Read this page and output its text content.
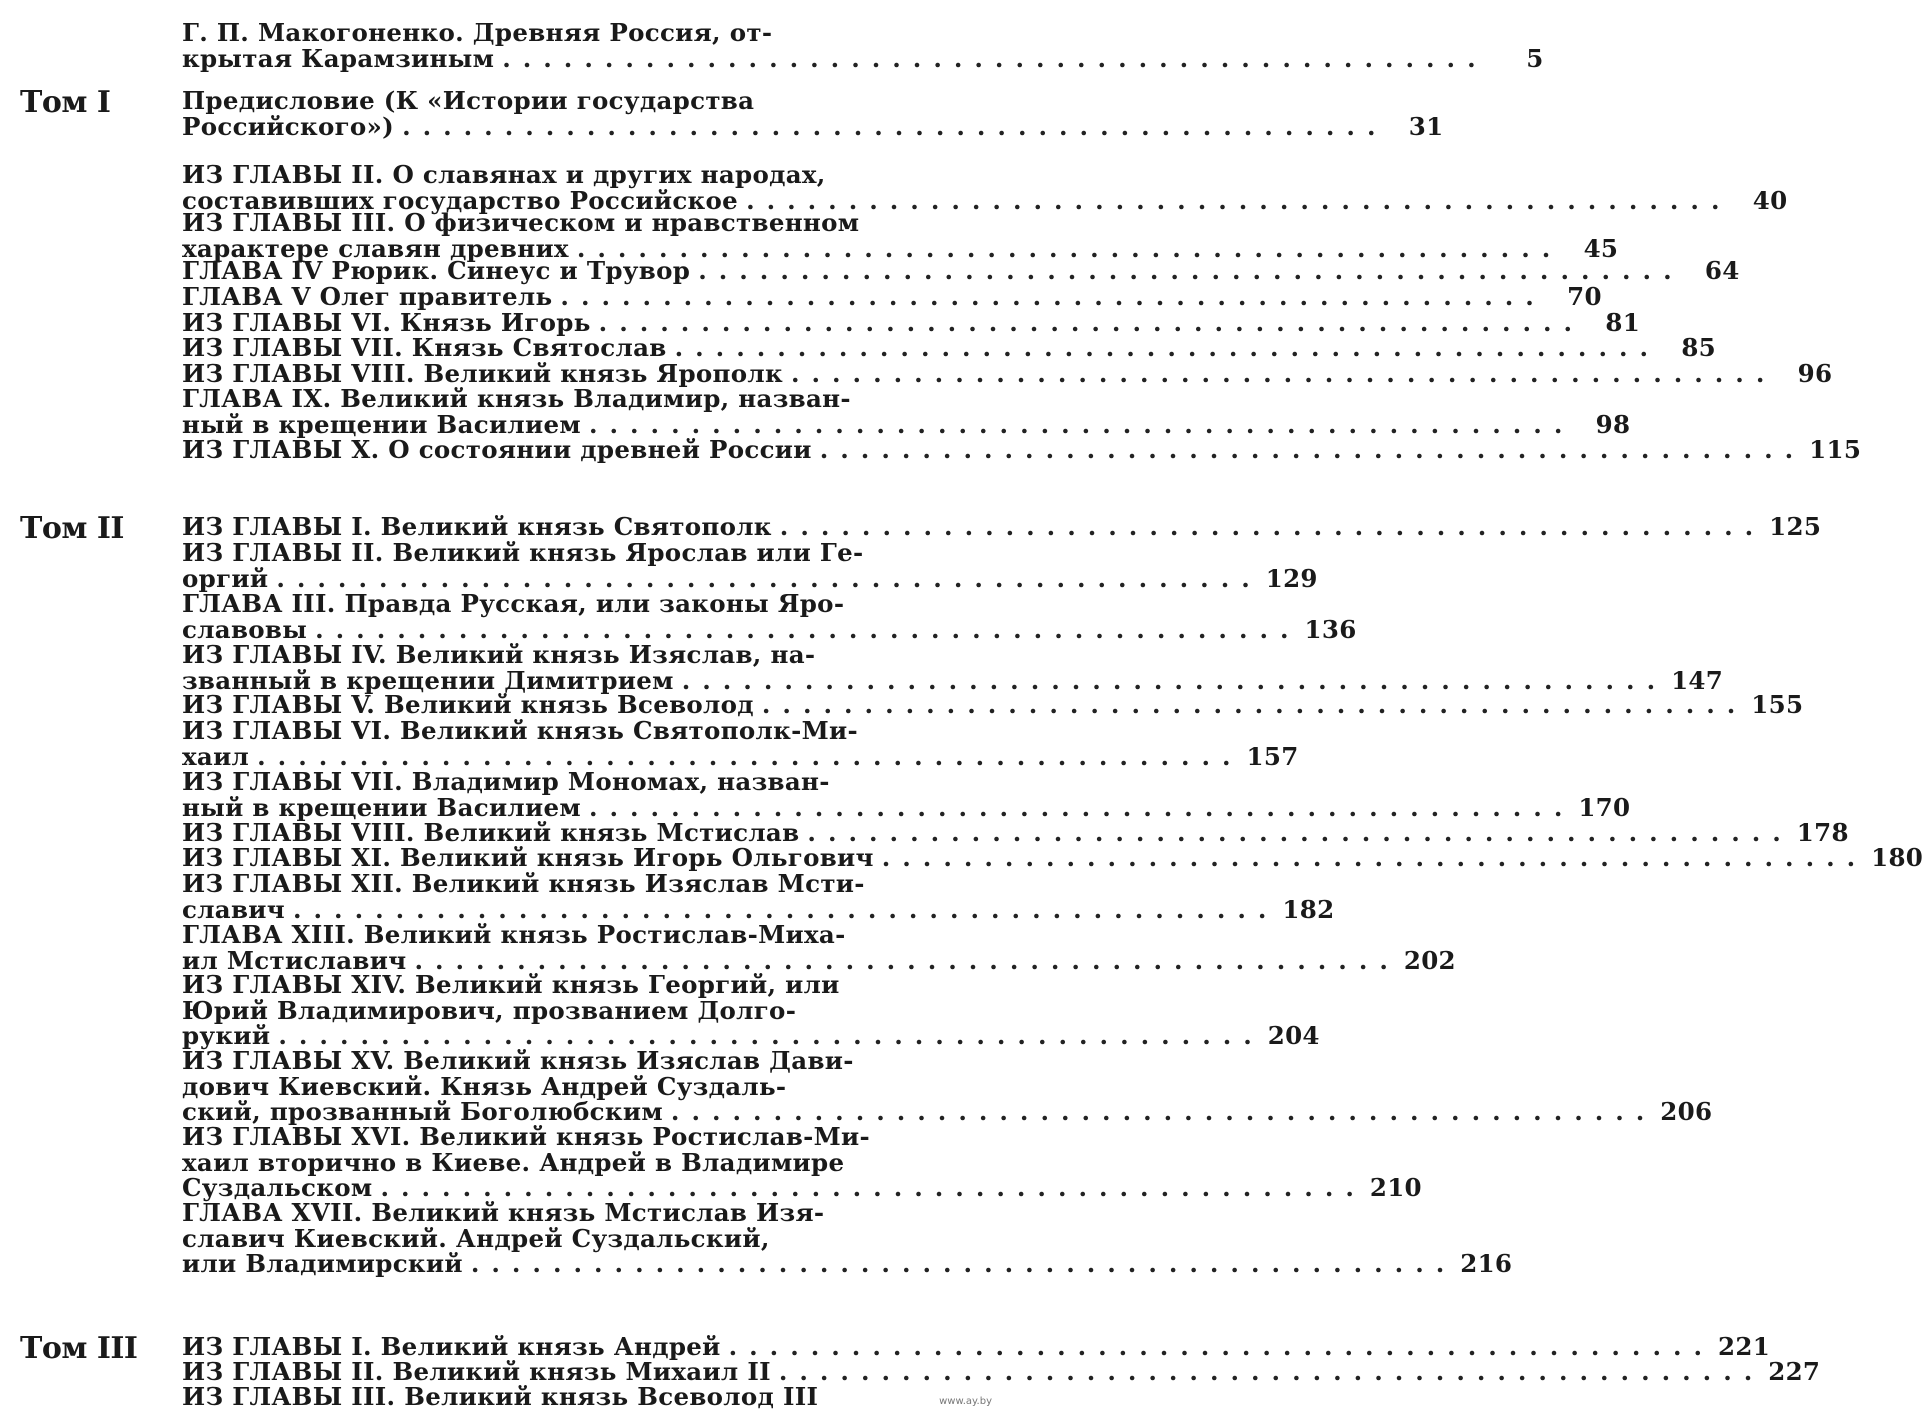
Том I
Том II
Том III
Г. П. Макогоненко. Древняя Россия, от-
крытая Карамзиным ................................................	5
Предисловие (К «Истории государства
Российского») ................................................ 31
ИЗ ГЛАВЫ II. О славянах и других народах,
составивших государство Российское ................................................ 40
ИЗ ГЛАВЫ III. О физическом и нравственном
характере славян древних ................................................ 45
ГЛАВА IV Рюрик. Синеус и Трувор ................................................ 64
ГЛАВА V Олег правитель ................................................ 70
ИЗ ГЛАВЫ VI. Князь Игорь ................................................ 81
ИЗ ГЛАВЫ VII. Князь Святослав ................................................ 85
ИЗ ГЛАВЫ VIII. Великий князь Ярополк ................................................ 96
ГЛАВА IX. Великий князь Владимир, назван-
ный в крещении Василием ................................................ 98
ИЗ ГЛАВЫ X. О состоянии древней России ................................................ 115
ИЗ ГЛАВЫ I. Великий князь Святополк ................................................ 125
ИЗ ГЛАВЫ II. Великий князь Ярослав или Ге-
оргий ................................................ 129
ГЛАВА III. Правда Русская, или законы Яро-
славовы ................................................ 136
ИЗ ГЛАВЫ IV. Великий князь Изяслав, на-
званный в крещении Димитрием ................................................ 147
ИЗ ГЛАВЫ V. Великий князь Всеволод ................................................ 155
ИЗ ГЛАВЫ VI. Великий князь Святополк-Ми-
хаил ................................................ 157
ИЗ ГЛАВЫ VII. Владимир Мономах, назван-
ный в крещении Василием ................................................ 170
ИЗ ГЛАВЫ VIII. Великий князь Мстислав ................................................ 178
ИЗ ГЛАВЫ XI. Великий князь Игорь Ольгович ................................................ 180
ИЗ ГЛАВЫ XII. Великий князь Изяслав Мсти-
славич ................................................ 182
ГЛАВА XIII. Великий князь Ростислав-Миха-
ил Мстиславич ................................................ 202
ИЗ ГЛАВЫ XIV. Великий князь Георгий, или
Юрий Владимирович, прозванием Долго-
рукий ................................................ 204
ИЗ ГЛАВЫ XV. Великий князь Изяслав Дави-
дович Киевский. Князь Андрей Суздаль-
ский, прозванный Боголюбским ................................................ 206
ИЗ ГЛАВЫ XVI. Великий князь Ростислав-Ми-
хаил вторично в Киеве. Андрей в Владимире
Суздальском ................................................ 210
ГЛАВА XVII. Великий князь Мстислав Изя-
славич Киевский. Андрей Суздальский,
или Владимирский ................................................ 216
ИЗ ГЛАВЫ I. Великий князь Андрей ................................................ 221
ИЗ ГЛАВЫ II. Великий князь Михаил II ................................................ 227
ИЗ ГЛАВЫ III. Великий князь Всеволод III	www.ay.by
